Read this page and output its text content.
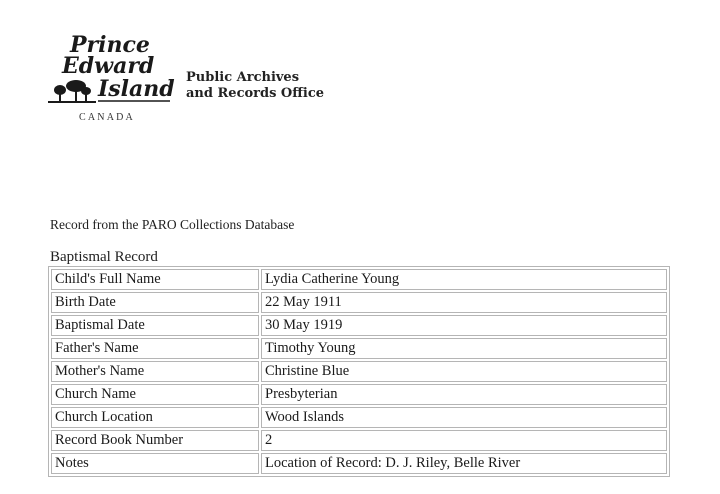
Prince
Edward
Island
CANADA
Public Archives
and Records Office
Record from the PARO Collections Database
Baptismal Record
Child's Full Name	Lydia Catherine Young
Birth Date	22 May 1911
Baptismal Date	30 May 1919
Father's Name	Timothy Young
Mother's Name	Christine Blue
Church Name	Presbyterian
Church Location	Wood Islands
Record Book Number	2
Notes	Location of Record: D. J. Riley, Belle River
